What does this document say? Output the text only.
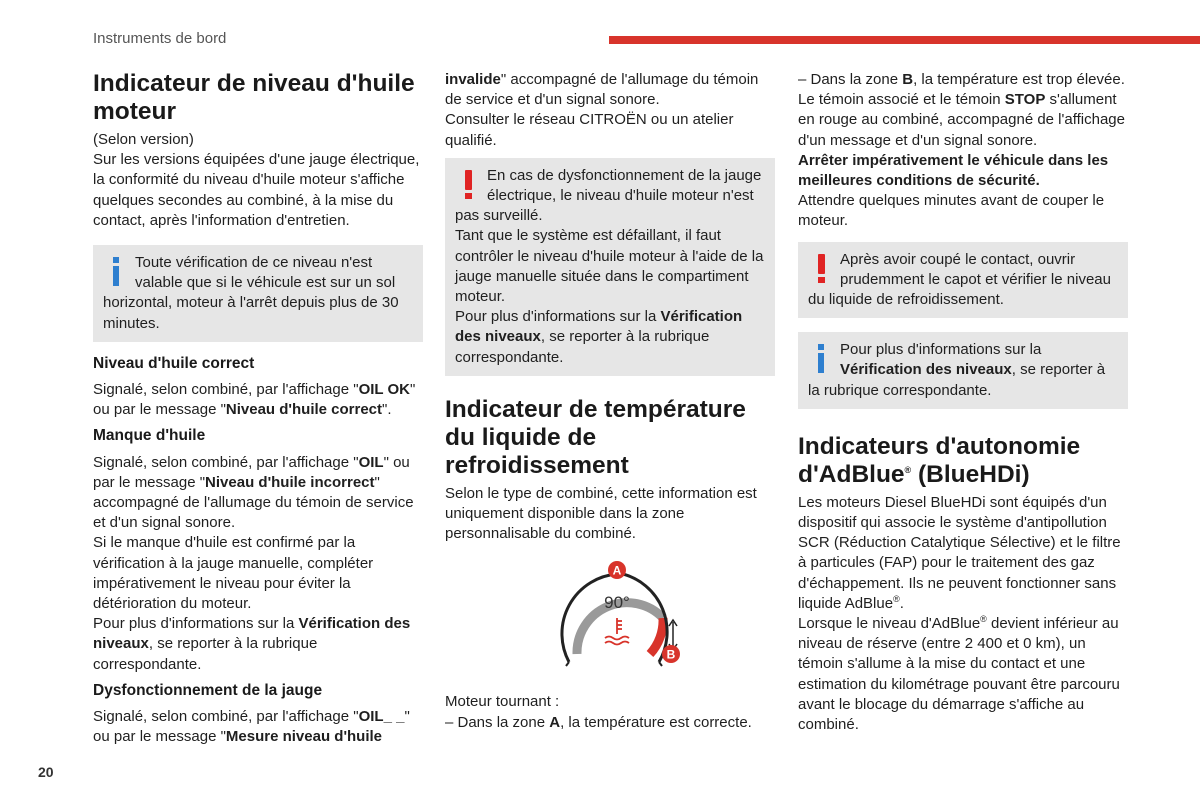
Instruments de bord
20
Indicateur de niveau d'huile moteur

(Selon version)

Sur les versions équipées d'une jauge électrique, la conformité du niveau d'huile moteur s'affiche quelques secondes au combiné, à la mise du contact, après l'information d'entretien.

Toute vérification de ce niveau n'est valable que si le véhicule est sur un sol horizontal, moteur à l'arrêt depuis plus de 30 minutes.
Niveau d'huile correct

Signalé, selon combiné, par l'affichage "OIL OK" ou par le message "Niveau d'huile correct".

Manque d'huile

Signalé, selon combiné, par l'affichage "OIL" ou par le message "Niveau d'huile incorrect" accompagné de l'allumage du témoin de service et d'un signal sonore.

Si le manque d'huile est confirmé par la vérification à la jauge manuelle, compléter impérativement le niveau pour éviter la détérioration du moteur.

Pour plus d'informations sur la Vérification des niveaux, se reporter à la rubrique correspondante.

Dysfonctionnement de la jauge

Signalé, selon combiné, par l'affichage "OIL_ _" ou par le message "Mesure niveau d'huile

invalide" accompagné de l'allumage du témoin de service et d'un signal sonore.

Consulter le réseau CITROËN ou un atelier qualifié.

En cas de dysfonctionnement de la jauge électrique, le niveau d'huile moteur n'est pas surveillé.

Tant que le système est défaillant, il faut contrôler le niveau d'huile moteur à l'aide de la jauge manuelle située dans le compartiment moteur.

Pour plus d'informations sur la Vérification des niveaux, se reporter à la rubrique correspondante.

Indicateur de température du liquide de refroidissement

Selon le type de combiné, cette information est uniquement disponible dans la zone personnalisable du combiné.

A
B
90°

Moteur tournant :

– Dans la zone A, la température est correcte.

– Dans la zone B, la température est trop élevée. Le témoin associé et le témoin STOP s'allument en rouge au combiné, accompagné de l'affichage d'un message et d'un signal sonore.

Arrêter impérativement le véhicule dans les meilleures conditions de sécurité.

Attendre quelques minutes avant de couper le moteur.

Après avoir coupé le contact, ouvrir prudemment le capot et vérifier le niveau du liquide de refroidissement.
Pour plus d'informations sur la Vérification des niveaux, se reporter à la rubrique correspondante.
Indicateurs d'autonomie d'AdBlue® (BlueHDi)

Les moteurs Diesel BlueHDi sont équipés d'un dispositif qui associe le système d'antipollution SCR (Réduction Catalytique Sélective) et le filtre à particules (FAP) pour le traitement des gaz d'échappement. Ils ne peuvent fonctionner sans liquide AdBlue®.

Lorsque le niveau d'AdBlue® devient inférieur au niveau de réserve (entre 2 400 et 0 km), un témoin s'allume à la mise du contact et une estimation du kilométrage pouvant être parcouru avant le blocage du démarrage s'affiche au combiné.
